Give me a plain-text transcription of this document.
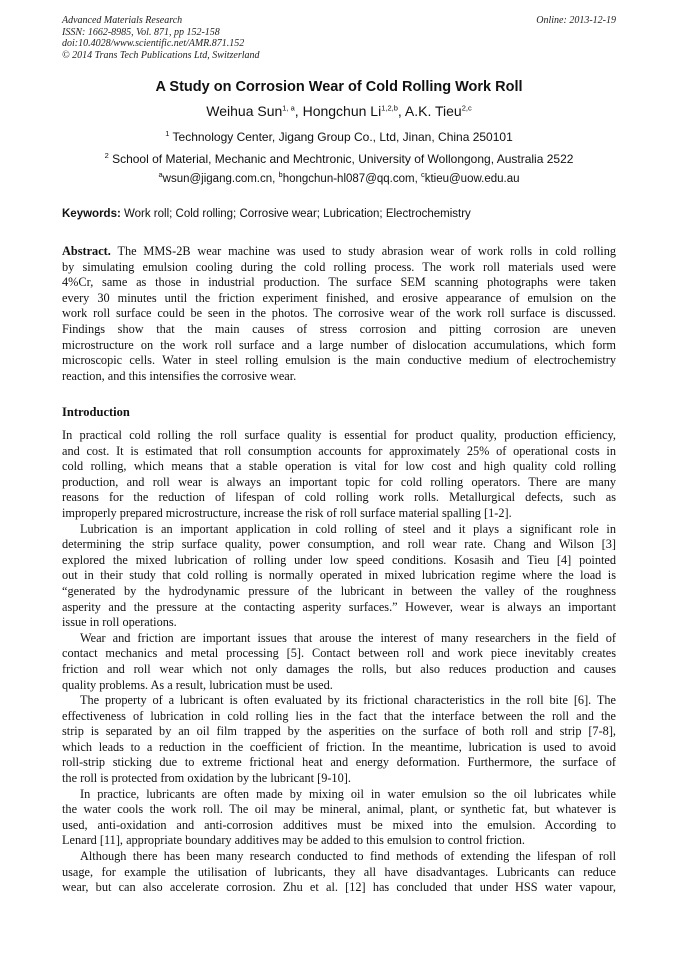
Advanced Materials Research
ISSN: 1662-8985, Vol. 871, pp 152-158
doi:10.4028/www.scientific.net/AMR.871.152
© 2014 Trans Tech Publications Ltd, Switzerland
Online: 2013-12-19
A Study on Corrosion Wear of Cold Rolling Work Roll
Weihua Sun$^{1, a}$, Hongchun Li$^{1,2,b}$, A.K. Tieu$^{2,c}$
$^1$ Technology Center, Jigang Group Co., Ltd, Jinan, China 250101
$^2$ School of Material, Mechanic and Mechtronic, University of Wollongong, Australia 2522
$^a$wsun@jigang.com.cn, $^b$hongchun-hl087@qq.com, $^c$ktieu@uow.edu.au
Keywords: Work roll; Cold rolling; Corrosive wear; Lubrication; Electrochemistry
Abstract. The MMS-2B wear machine was used to study abrasion wear of work rolls in cold rolling
by simulating emulsion cooling during the cold rolling process. The work roll materials used were
4%Cr, same as those in industrial production. The surface SEM scanning photographs were taken
every 30 minutes until the friction experiment finished, and erosive appearance of emulsion on the
work roll surface could be seen in the photos. The corrosive wear of the work roll surface is discussed.
Findings show that the main causes of stress corrosion and pitting corrosion are uneven
microstructure on the work roll surface and a large number of dislocation accumulations, which form
microscopic cells. Water in steel rolling emulsion is the main conductive medium of electrochemistry
reaction, and this intensifies the corrosive wear.
Introduction
In practical cold rolling the roll surface quality is essential for product quality, production efficiency,
and cost. It is estimated that roll consumption accounts for approximately 25% of operational costs in
cold rolling, which means that a stable operation is vital for low cost and high quality cold rolling
production, and roll wear is always an important topic for cold rolling operators. There are many
reasons for the reduction of lifespan of cold rolling work rolls. Metallurgical defects, such as
improperly prepared microstructure, increase the risk of roll surface material spalling [1-2].
Lubrication is an important application in cold rolling of steel and it plays a significant role in
determining the strip surface quality, power consumption, and roll wear rate. Chang and Wilson [3]
explored the mixed lubrication of rolling under low speed conditions. Kosasih and Tieu [4] pointed
out in their study that cold rolling is normally operated in mixed lubrication regime where the load is
“generated by the hydrodynamic pressure of the lubricant in between the valley of the roughness
asperity and the pressure at the contacting asperity surfaces.” However, wear is always an important
issue in roll operations.
Wear and friction are important issues that arouse the interest of many researchers in the field of
contact mechanics and metal processing [5]. Contact between roll and work piece inevitably creates
friction and roll wear which not only damages the rolls, but also reduces production and causes
quality problems. As a result, lubrication must be used.
The property of a lubricant is often evaluated by its frictional characteristics in the roll bite [6]. The
effectiveness of lubrication in cold rolling lies in the fact that the interface between the roll and the
strip is separated by an oil film trapped by the asperities on the surface of both roll and strip [7-8],
which leads to a reduction in the coefficient of friction. In the meantime, lubrication is used to avoid
roll-strip sticking due to extreme frictional heat and energy deformation. Furthermore, the surface of
the roll is protected from oxidation by the lubricant [9-10].
In practice, lubricants are often made by mixing oil in water emulsion so the oil lubricates while
the water cools the work roll. The oil may be mineral, animal, plant, or synthetic fat, but whatever is
used, anti-oxidation and anti-corrosion additives must be mixed into the emulsion. According to
Lenard [11], appropriate boundary additives may be added to this emulsion to control friction.
Although there has been many research conducted to find methods of extending the lifespan of roll
usage, for example the utilisation of lubricants, they all have disadvantages. Lubricants can reduce
wear, but can also accelerate corrosion. Zhu et al. [12] has concluded that under HSS water vapour,
